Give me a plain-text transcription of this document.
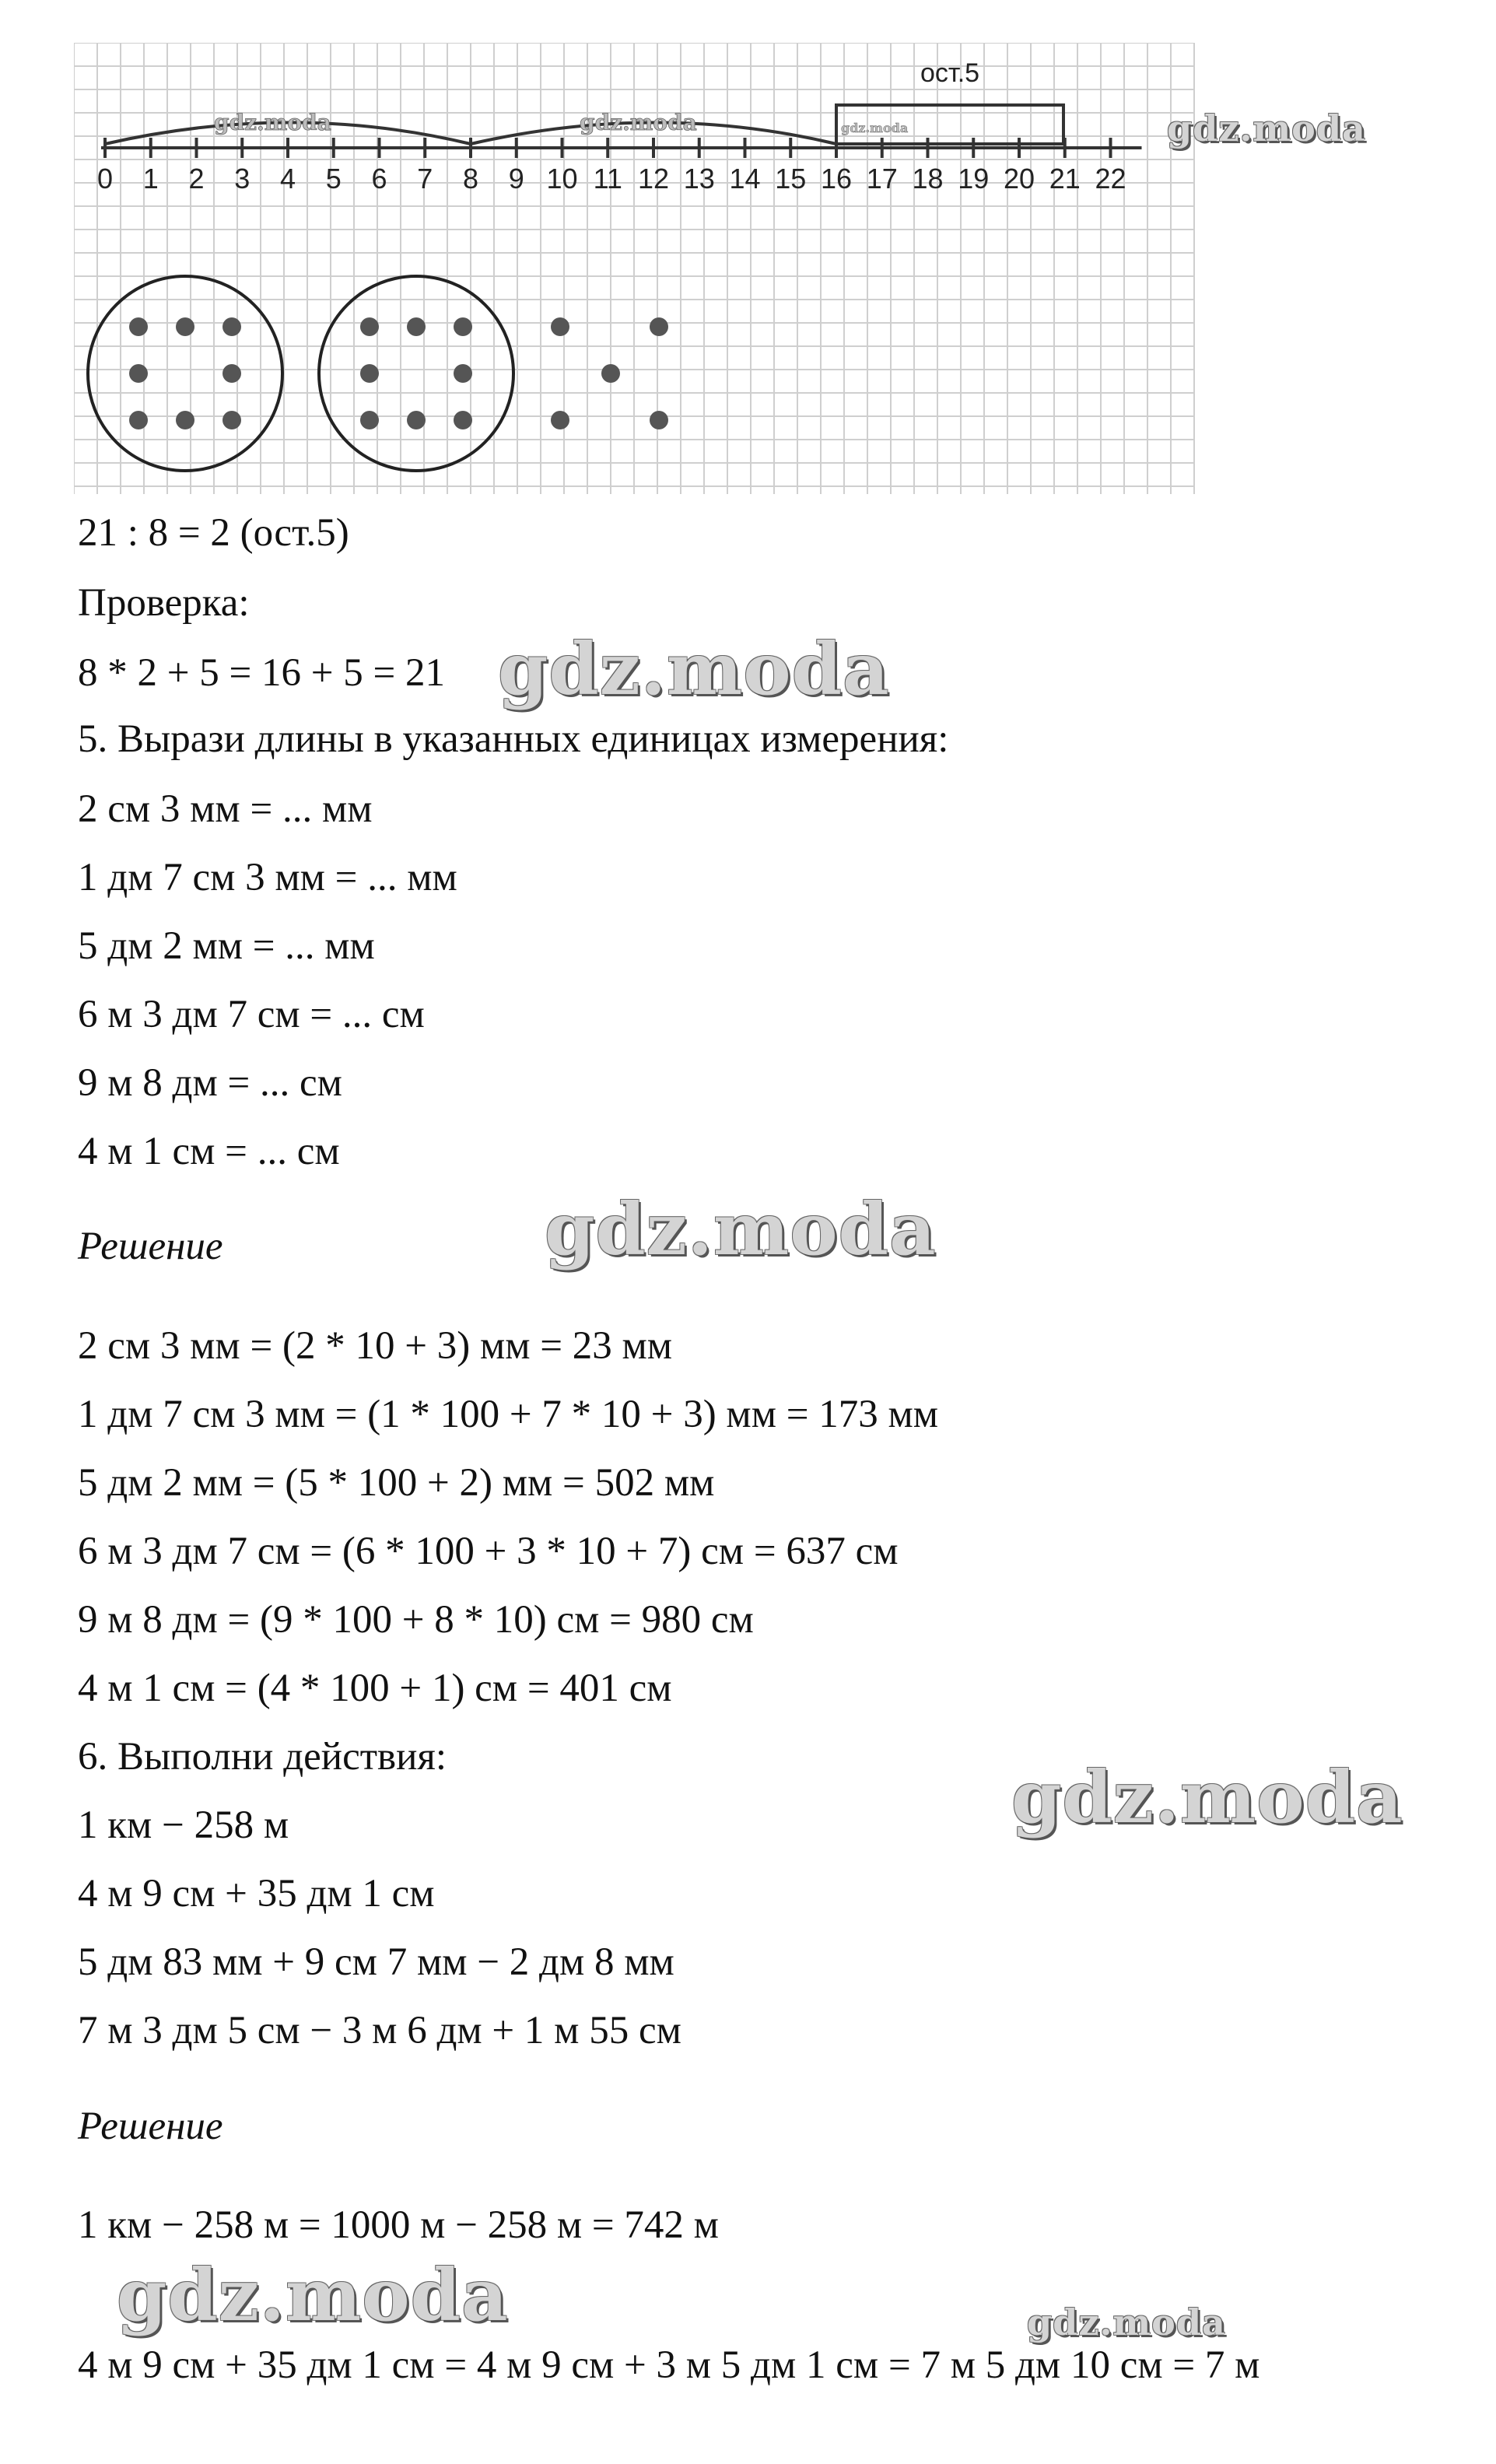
0 1 2 3 4 5 6 7 8 9 10 11 12 13 14 15 16 17 18 19 20 21 22
ост.5
gdz.moda	gdz.moda	gdz.moda
21 : 8 = 2 (ост.5)
Проверка:
8 * 2 + 5 = 16 + 5 = 21
5. Вырази длины в указанных единицах измерения:
2 см 3 мм = ... мм
1 дм 7 см 3 мм = ... мм
5 дм 2 мм = ... мм
6 м 3 дм 7 см = ... см
9 м 8 дм = ... см
4 м 1 см = ... см
Решение
2 см 3 мм = (2 * 10 + 3) мм = 23 мм
1 дм 7 см 3 мм = (1 * 100 + 7 * 10 + 3) мм = 173 мм
5 дм 2 мм = (5 * 100 + 2) мм = 502 мм
6 м 3 дм 7 см = (6 * 100 + 3 * 10 + 7) см = 637 см
9 м 8 дм = (9 * 100 + 8 * 10) см = 980 см
4 м 1 см = (4 * 100 + 1) см = 401 см
6. Выполни действия:
1 км − 258 м
4 м 9 см + 35 дм 1 см
5 дм 83 мм + 9 см 7 мм − 2 дм 8 мм
7 м 3 дм 5 см − 3 м 6 дм + 1 м 55 см
Решение
1 км − 258 м = 1000 м − 258 м = 742 м
4 м 9 см + 35 дм 1 см = 4 м 9 см + 3 м 5 дм 1 см = 7 м 5 дм 10 см = 7 м
gdz.moda
gdz.moda
gdz.moda
gdz.moda
gdz.moda	gdz.moda
